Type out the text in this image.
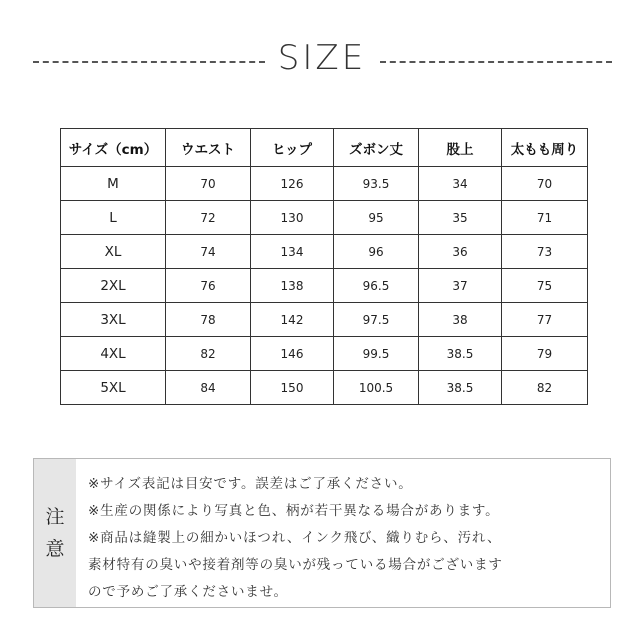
SIZE
サイズ（cm）	ウエスト	ヒップ	ズボン丈	股上	太もも周り
M	70	126	93.5	34	70
L	72	130	95	35	71
XL	74	134	96	36	73
2XL	76	138	96.5	37	75
3XL	78	142	97.5	38	77
4XL	82	146	99.5	38.5	79
5XL	84	150	100.5	38.5	82
注
意
※サイズ表記は目安です。誤差はご了承ください。
※生産の関係により写真と色、柄が若干異なる場合があります。
※商品は縫製上の細かいほつれ、インク飛び、織りむら、汚れ、
素材特有の臭いや接着剤等の臭いが残っている場合がございます
ので予めご了承くださいませ。
